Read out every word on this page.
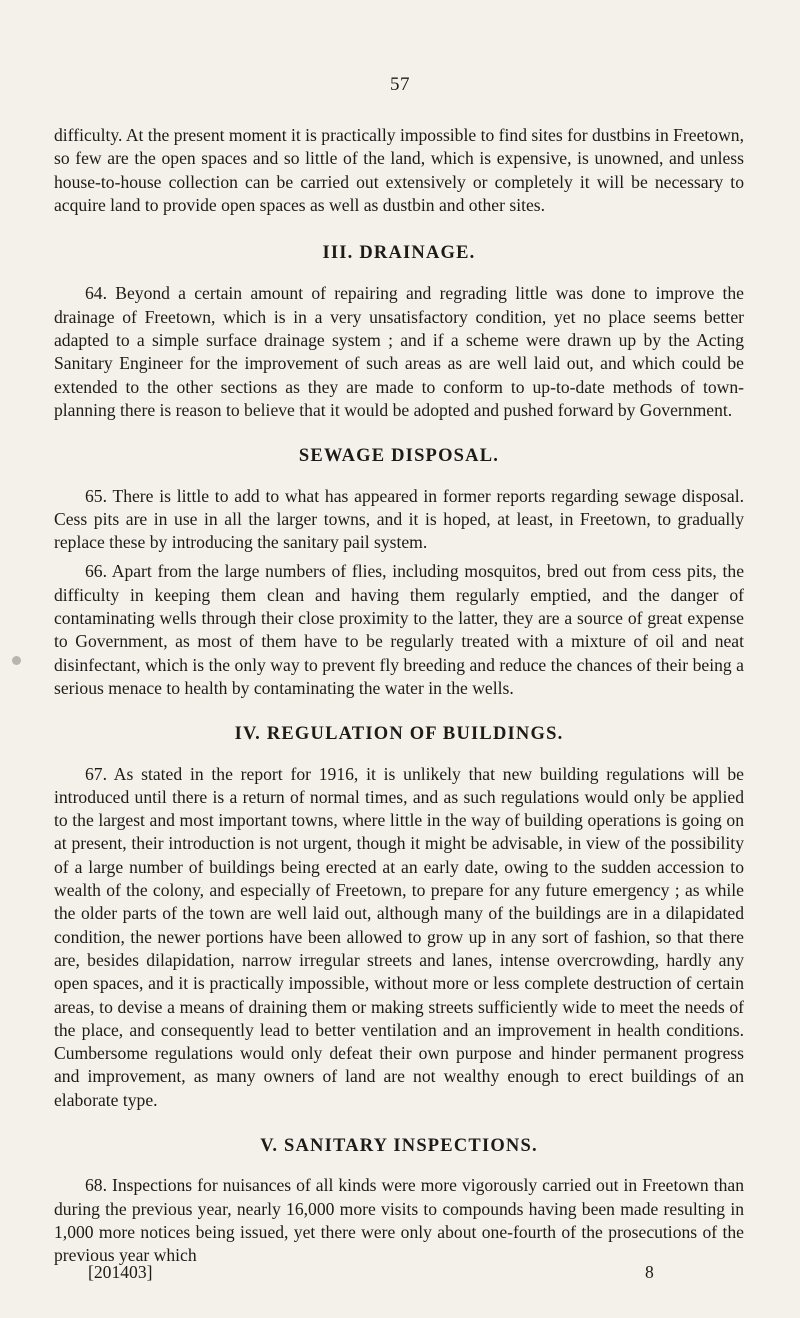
57

difficulty. At the present moment it is practically impossible to find sites for dustbins in Freetown, so few are the open spaces and so little of the land, which is expensive, is unowned, and unless house-to-house collection can be carried out extensively or completely it will be necessary to acquire land to provide open spaces as well as dustbin and other sites.

III. DRAINAGE.

64. Beyond a certain amount of repairing and regrading little was done to improve the drainage of Freetown, which is in a very unsatisfactory condition, yet no place seems better adapted to a simple surface drainage system ; and if a scheme were drawn up by the Acting Sanitary Engineer for the improvement of such areas as are well laid out, and which could be extended to the other sections as they are made to conform to up-to-date methods of town-planning there is reason to believe that it would be adopted and pushed forward by Government.

SEWAGE DISPOSAL.

65. There is little to add to what has appeared in former reports regarding sewage disposal. Cess pits are in use in all the larger towns, and it is hoped, at least, in Freetown, to gradually replace these by introducing the sanitary pail system.

66. Apart from the large numbers of flies, including mosquitos, bred out from cess pits, the difficulty in keeping them clean and having them regularly emptied, and the danger of contaminating wells through their close proximity to the latter, they are a source of great expense to Government, as most of them have to be regularly treated with a mixture of oil and neat disinfectant, which is the only way to prevent fly breeding and reduce the chances of their being a serious menace to health by contaminating the water in the wells.

IV. REGULATION OF BUILDINGS.

67. As stated in the report for 1916, it is unlikely that new building regulations will be introduced until there is a return of normal times, and as such regulations would only be applied to the largest and most important towns, where little in the way of building operations is going on at present, their introduction is not urgent, though it might be advisable, in view of the possibility of a large number of buildings being erected at an early date, owing to the sudden accession to wealth of the colony, and especially of Freetown, to prepare for any future emergency ; as while the older parts of the town are well laid out, although many of the buildings are in a dilapidated condition, the newer portions have been allowed to grow up in any sort of fashion, so that there are, besides dilapidation, narrow irregular streets and lanes, intense overcrowding, hardly any open spaces, and it is practically impossible, without more or less complete destruction of certain areas, to devise a means of draining them or making streets sufficiently wide to meet the needs of the place, and consequently lead to better ventilation and an improvement in health conditions. Cumbersome regulations would only defeat their own purpose and hinder permanent progress and improvement, as many owners of land are not wealthy enough to erect buildings of an elaborate type.

V. SANITARY INSPECTIONS.

68. Inspections for nuisances of all kinds were more vigorously carried out in Freetown than during the previous year, nearly 16,000 more visits to compounds having been made resulting in 1,000 more notices being issued, yet there were only about one-fourth of the prosecutions of the previous year which

[201403]	8
